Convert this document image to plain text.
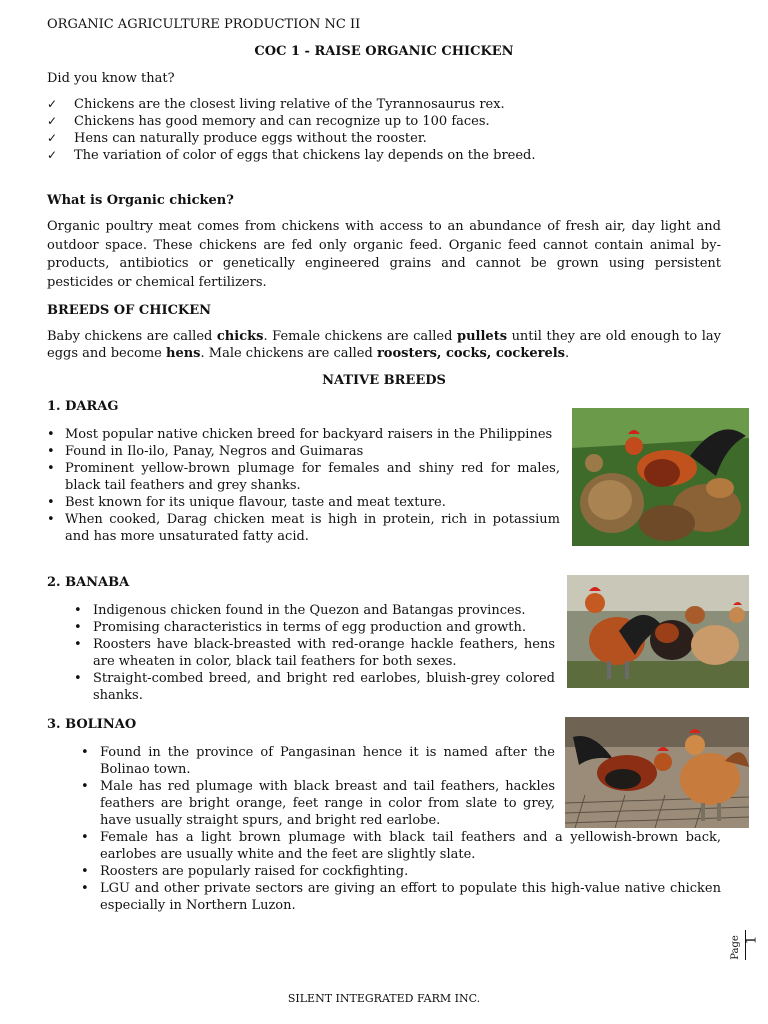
ORGANIC AGRICULTURE PRODUCTION NC II

COC 1 - RAISE ORGANIC CHICKEN

Did you know that?

✓ Chickens are the closest living relative of the Tyrannosaurus rex.
✓ Chickens has good memory and can recognize up to 100 faces.
✓ Hens can naturally produce eggs without the rooster.
✓ The variation of color of eggs that chickens lay depends on the breed.

What is Organic chicken?

Organic poultry meat comes from chickens with access to an abundance of fresh air, day light and outdoor space. These chickens are fed only organic feed. Organic feed cannot contain animal by-products, antibiotics or genetically engineered grains and cannot be grown using persistent pesticides or chemical fertilizers.

BREEDS OF CHICKEN

Baby chickens are called chicks. Female chickens are called pullets until they are old enough to lay eggs and become hens. Male chickens are called roosters, cocks, cockerels.

NATIVE BREEDS

1. DARAG

• Most popular native chicken breed for backyard raisers in the Philippines
• Found in Ilo-ilo, Panay, Negros and Guimaras
• Prominent yellow-brown plumage for females and shiny red for males, black tail feathers and grey shanks.
• Best known for its unique flavour, taste and meat texture.
• When cooked, Darag chicken meat is high in protein, rich in potassium and has more unsaturated fatty acid.

2. BANABA

• Indigenous chicken found in the Quezon and Batangas provinces.
• Promising characteristics in terms of egg production and growth.
• Roosters have black-breasted with red-orange hackle feathers, hens are wheaten in color, black tail feathers for both sexes.
• Straight-combed breed, and bright red earlobes, bluish-grey colored shanks.

3. BOLINAO

• Found in the province of Pangasinan hence it is named after the Bolinao town.
• Male has red plumage with black breast and tail feathers, hackles feathers are bright orange, feet range in color from slate to grey, have usually straight spurs, and bright red earlobe.
• Female has a light brown plumage with black tail feathers and a yellowish-brown back, earlobes are usually white and the feet are slightly slate.
• Roosters are popularly raised for cockfighting.
• LGU and other private sectors are giving an effort to populate this high-value native chicken especially in Northern Luzon.
Page 1

SILENT INTEGRATED FARM INC.
